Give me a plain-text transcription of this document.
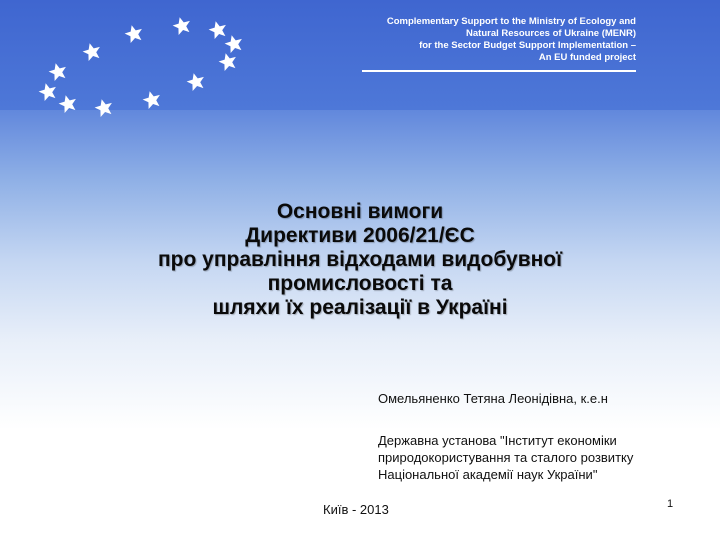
Complementary Support to the Ministry of Ecology and
Natural Resources of Ukraine (MENR)
for the Sector Budget Support Implementation –
An EU funded project
Основні вимоги
Директиви 2006/21/ЄС
про управління відходами видобувної
промисловості та
шляхи їх реалізації в Україні
Омельяненко Тетяна Леонідівна, к.е.н
Державна установа "Інститут економіки
природокористування та сталого розвитку
Національної академії наук України"
Київ - 2013	1
